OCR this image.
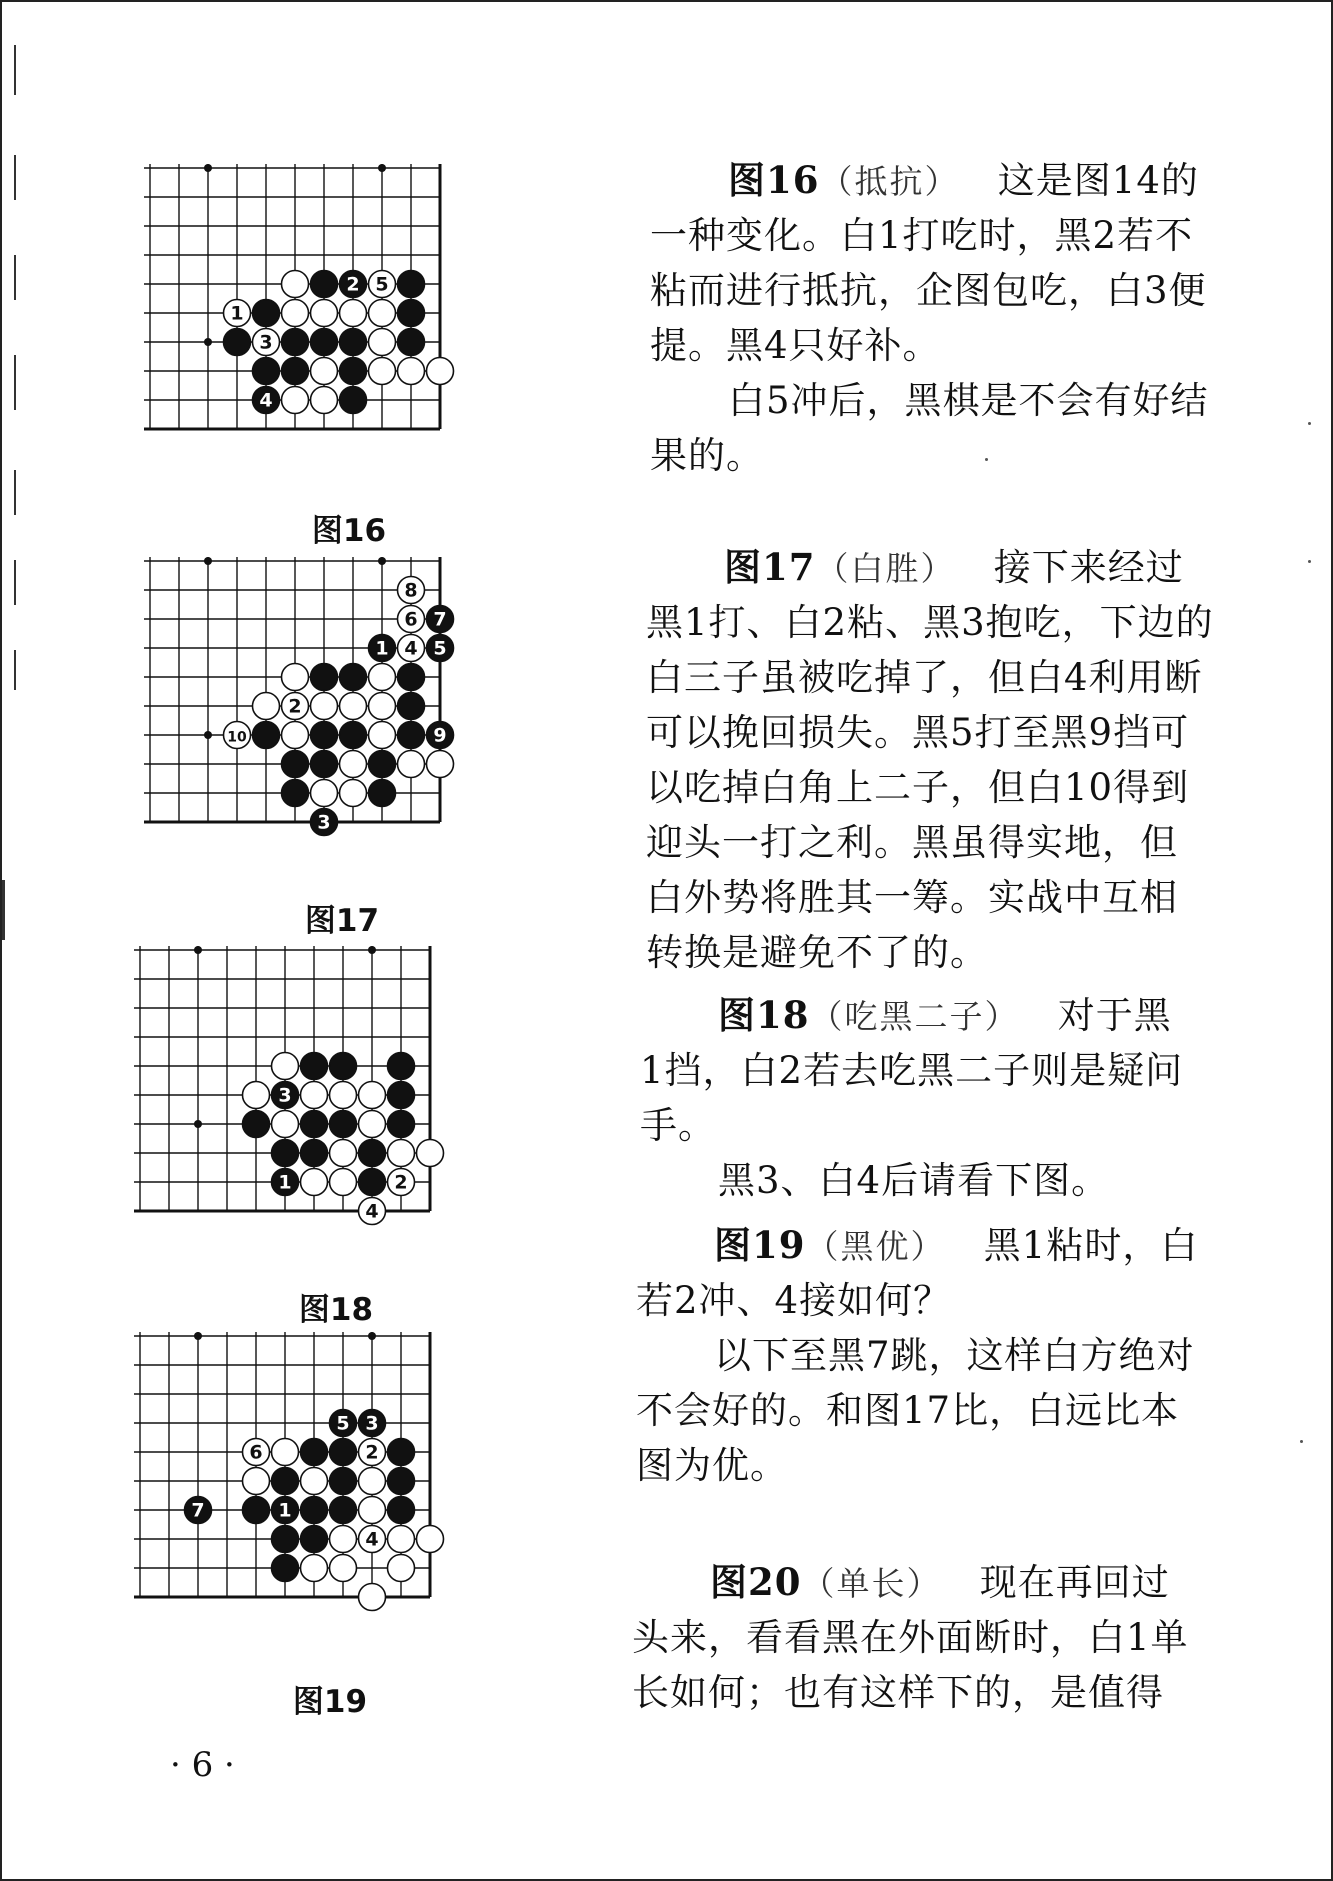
2 5
1
3
4
图16
8
6 7
1 4 5
2
10	9
3
图17
3
1	2
4
图18
5 3
6	2
7	1
4
图19
图16（抵抗） 这是图14的
一种变化。白1打吃时，黑2若不
粘而进行抵抗，企图包吃，白3便
提。黑4只好补。
白5冲后，黑棋是不会有好结
果的。
图17（白胜） 接下来经过
黑1打、白2粘、黑3抱吃，下边的
白三子虽被吃掉了，但白4利用断
可以挽回损失。黑5打至黑9挡可
以吃掉白角上二子，但白10得到
迎头一打之利。黑虽得实地，但
白外势将胜其一筹。实战中互相
转换是避免不了的。
图18（吃黑二子） 对于黑
1挡，白2若去吃黑二子则是疑问
手。
黑3、白4后请看下图。
图19（黑优） 黑1粘时，白
若2冲、4接如何？
以下至黑7跳，这样白方绝对
不会好的。和图17比，白远比本
图为优。
图20（单长） 现在再回过
头来，看看黑在外面断时，白1单
长如何；也有这样下的，是值得
· 6 ·
